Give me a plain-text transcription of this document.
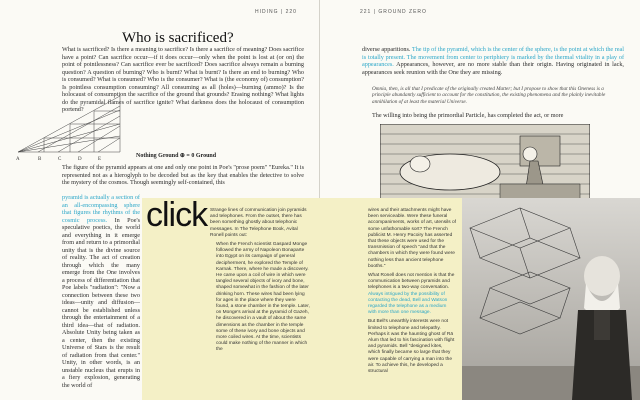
HIDING | 220
Who is sacrificed?

What is sacrificed? Is there a meaning to sacrifice? Is there a sacrifice of meaning? Does sacrifice have a point? Can sacrifice occur—if it does occur—only when the point is lost at (or on) the point of pointlessness? Can sacrifice ever be sacrificed? Does sacrifice always remain a burning question? A question of burning? Who is burnt? What is burnt? Is there an end to burning? Who is consumed? What is consumed? Who is the consumer? What is (the economy of) consumption? Is pointless consumption consuming? All consuming as all (holes)—burning (ammo)? Is the holocaust of consumption the sacrifice of the ground that grounds? Erasing nothing? What lights do the pyramidal flames of sacrifice ignite? What darkness does the holocaust of consumption portend?

A	B	C	D	E
Nothing Ground ⊕ = 0 Ground

The figure of the pyramid appears at one and only one point in Poe's "prose poem" "Eureka." It is represented not as a hieroglyph to be decoded but as the key that enables the detective to solve the mystery of the cosmos. Though seemingly self-contained, this

pyramid is actually a section of an all-encompassing sphere that figures the rhythms of the cosmic process. In Poe's speculative poetics, the world and everything in it emerge from and return to a primordial unity that is the divine source of reality. The act of creation through which the many emerge from the One involves a process of differentiation that Poe labels "radiation": "Now a connection between these two ideas—unity and diffusion—cannot be established unless through the entertainment of a third idea—that of radiation. Absolute Unity being taken as a center, then the existing Universe of Stars is the result of radiation from that center." Unity, in other words, is an unstable nucleus that erupts in a fiery explosion, generating the world of

221 | GROUND ZERO

diverse apparitions. The tip of the pyramid, which is the center of the sphere, is the point at which the real is totally present. The movement from center to periphiery is marked by the thermal vitality in a play of appearances. Appearances, however, are no more stable than their origin. Having originated in lack, appearances seek reunion with the One they are missing.

Omnia, then, is all that I predicate of the originally created Matter; but I propose to show that this Oneness is a principle abundantly sufficient to account for the constitution, the existing phenomena and the plainly inevitable annihilation of at least the material Universe.

The willing into being the primordial Particle, has completed the act, or more

click Strange lines of communication join pyramids and telephones. From the outset, there has been something ghostly about telephonic messages. In The Telephone Book, Avital Ronell points out:

When the French scientist Gaspard Monge followed the army of Napoleon Bonaparte into Egypt on its campaign of general decipherment, he explored the Temple of Karnak. There, where he made a discovery. He came upon a coil of wire in which were tangled several objects of ivory and bone, shaped somewhat in the fashion of the later drinking horn. These wires had been lying for ages in the place where they were found, a stone chamber in the temple. Later, on Monge's arrival at the pyramid of Gazeh, he discovered in a vault of about the same dimensions as the chamber in the temple some of these ivory and bone objects and more coiled wires. At the time, scientists could make nothing of the manner in which the

wires and their attachments might have been serviceable. Were these funeral accompaniments, works of art, utensils of some unfathomable sort? The French publicist M. Henry Pacoiry has asserted that these objects were used for the transmission of speech "and that the chambers in which they were found were nothing less than ancient telephone booths."

What Ronell does not mention is that the communication between pyramids and telephones is a two-way conversation. Always intrigued by the possibility of contacting the dead, Bell and Watson regarded the telephone as a medium with more than one message.

But Bell's unearthly interests were not limited to telephone and telepathy. Perhaps it was the haunting ghost of Rä Alum that led to his fascination with flight and pyramids. Bell "designed kites, which finally became so large that they were capable of carrying a man into the air. To achieve this, he developed a structural
